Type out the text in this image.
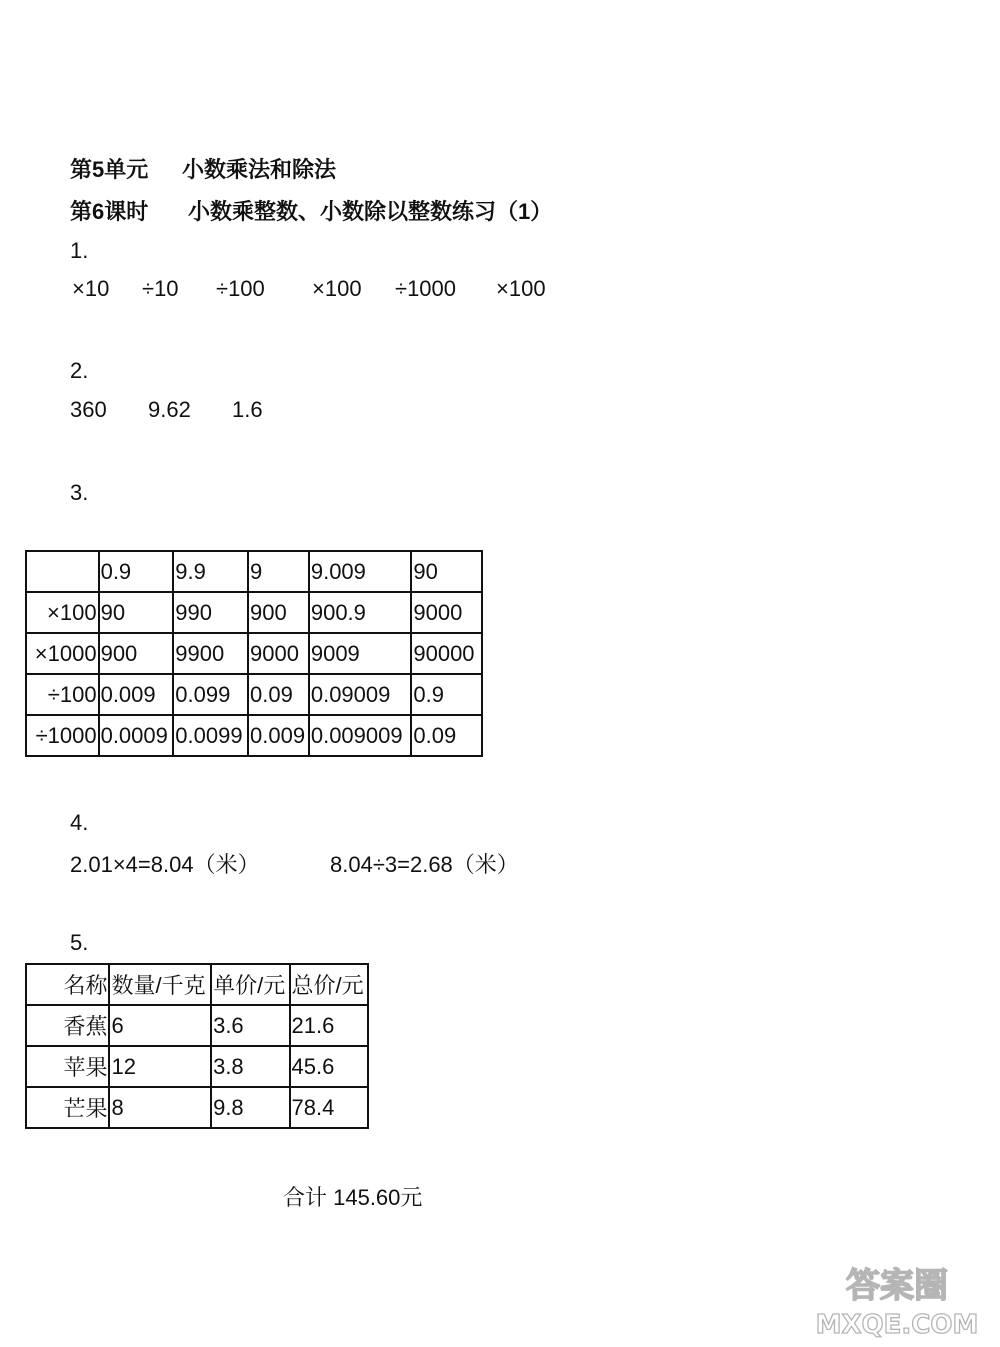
第5单元 小数乘法和除法
第6课时 小数乘整数、小数除以整数练习（1）
1.
×10 ÷10 ÷100 ×100 ÷1000 ×100
2.
360 9.62 1.6
3.
	0.9	9.9	9	9.009	90
×100	90	990	900	900.9	9000
×1000	900	9900	9000	9009	90000
÷100	0.009	0.099	0.09	0.09009	0.9
÷1000	0.0009	0.0099	0.009	0.009009	0.09
4.
2.01×4=8.04（米）	8.04÷3=2.68（米）
5.
名称	数量/千克	单价/元	总价/元
香蕉	6	3.6	21.6
苹果	12	3.8	45.6
芒果	8	9.8	78.4
合计 145.60元
答案圈
MXQE.COM
